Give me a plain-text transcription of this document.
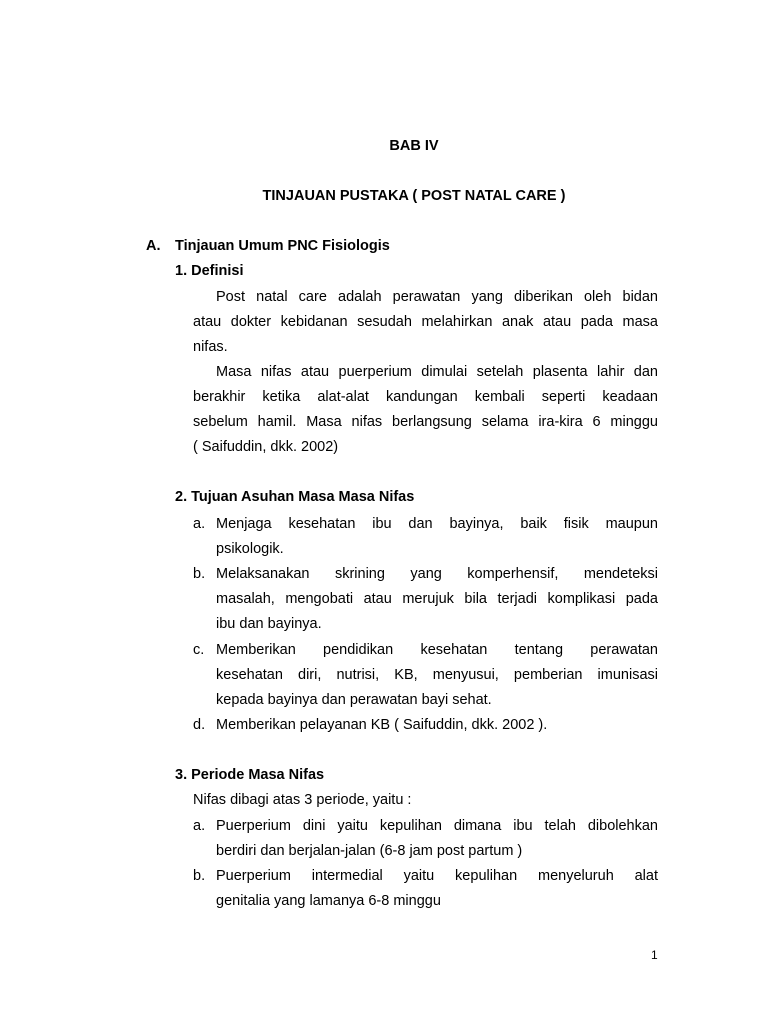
BAB IV
TINJAUAN PUSTAKA ( POST NATAL CARE )
A. Tinjauan Umum PNC Fisiologis
1. Definisi
Post natal care adalah perawatan yang diberikan oleh bidan
atau dokter kebidanan sesudah melahirkan anak atau pada masa
nifas.
Masa nifas atau puerperium dimulai setelah plasenta lahir dan
berakhir ketika alat-alat kandungan kembali seperti keadaan
sebelum hamil. Masa nifas berlangsung selama ira-kira 6 minggu
( Saifuddin, dkk. 2002)
2. Tujuan Asuhan Masa Masa Nifas
a. Menjaga kesehatan ibu dan bayinya, baik fisik maupun
psikologik.
b. Melaksanakan skrining yang komperhensif, mendeteksi
masalah, mengobati atau merujuk bila terjadi komplikasi pada
ibu dan bayinya.
c. Memberikan pendidikan kesehatan tentang perawatan
kesehatan diri, nutrisi, KB, menyusui, pemberian imunisasi
kepada bayinya dan perawatan bayi sehat.
d. Memberikan pelayanan KB ( Saifuddin, dkk. 2002 ).
3. Periode Masa Nifas
Nifas dibagi atas 3 periode, yaitu :
a. Puerperium dini yaitu kepulihan dimana ibu telah dibolehkan
berdiri dan berjalan-jalan (6-8 jam post partum )
b. Puerperium intermedial yaitu kepulihan menyeluruh alat
genitalia yang lamanya 6-8 minggu
1
